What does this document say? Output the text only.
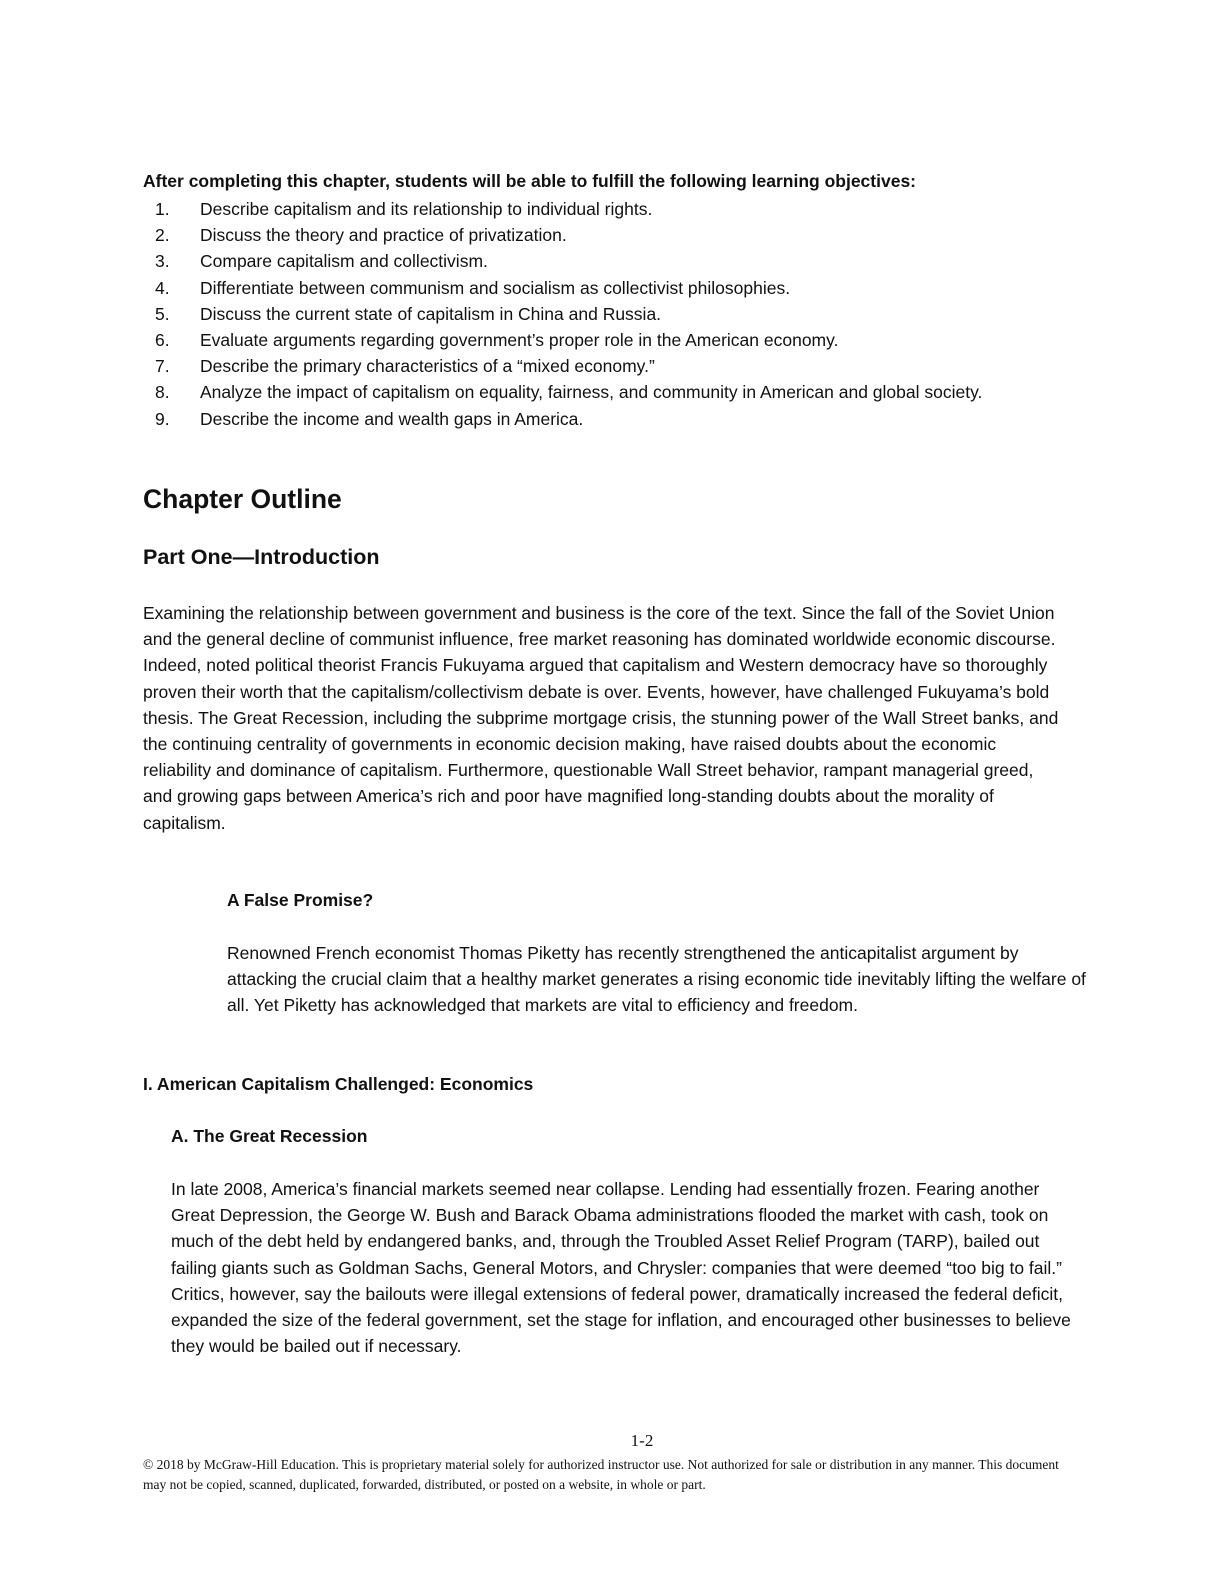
After completing this chapter, students will be able to fulfill the following learning objectives:
1. Describe capitalism and its relationship to individual rights.
2. Discuss the theory and practice of privatization.
3. Compare capitalism and collectivism.
4. Differentiate between communism and socialism as collectivist philosophies.
5. Discuss the current state of capitalism in China and Russia.
6. Evaluate arguments regarding government’s proper role in the American economy.
7. Describe the primary characteristics of a “mixed economy.”
8. Analyze the impact of capitalism on equality, fairness, and community in American and global society.
9. Describe the income and wealth gaps in America.
Chapter Outline
Part One—Introduction

Examining the relationship between government and business is the core of the text. Since the fall of the Soviet Union and the general decline of communist influence, free market reasoning has dominated worldwide economic discourse. Indeed, noted political theorist Francis Fukuyama argued that capitalism and Western democracy have so thoroughly proven their worth that the capitalism/collectivism debate is over. Events, however, have challenged Fukuyama’s bold thesis. The Great Recession, including the subprime mortgage crisis, the stunning power of the Wall Street banks, and the continuing centrality of governments in economic decision making, have raised doubts about the economic reliability and dominance of capitalism. Furthermore, questionable Wall Street behavior, rampant managerial greed, and growing gaps between America’s rich and poor have magnified long-standing doubts about the morality of capitalism.

A False Promise?

Renowned French economist Thomas Piketty has recently strengthened the anticapitalist argument by attacking the crucial claim that a healthy market generates a rising economic tide inevitably lifting the welfare of all. Yet Piketty has acknowledged that markets are vital to efficiency and freedom.

I. American Capitalism Challenged: Economics
A. The Great Recession

In late 2008, America’s financial markets seemed near collapse. Lending had essentially frozen. Fearing another Great Depression, the George W. Bush and Barack Obama administrations flooded the market with cash, took on much of the debt held by endangered banks, and, through the Troubled Asset Relief Program (TARP), bailed out failing giants such as Goldman Sachs, General Motors, and Chrysler: companies that were deemed “too big to fail.” Critics, however, say the bailouts were illegal extensions of federal power, dramatically increased the federal deficit, expanded the size of the federal government, set the stage for inflation, and encouraged other businesses to believe they would be bailed out if necessary.

1-2

© 2018 by McGraw-Hill Education. This is proprietary material solely for authorized instructor use. Not authorized for sale or distribution in any manner. This document may not be copied, scanned, duplicated, forwarded, distributed, or posted on a website, in whole or part.
